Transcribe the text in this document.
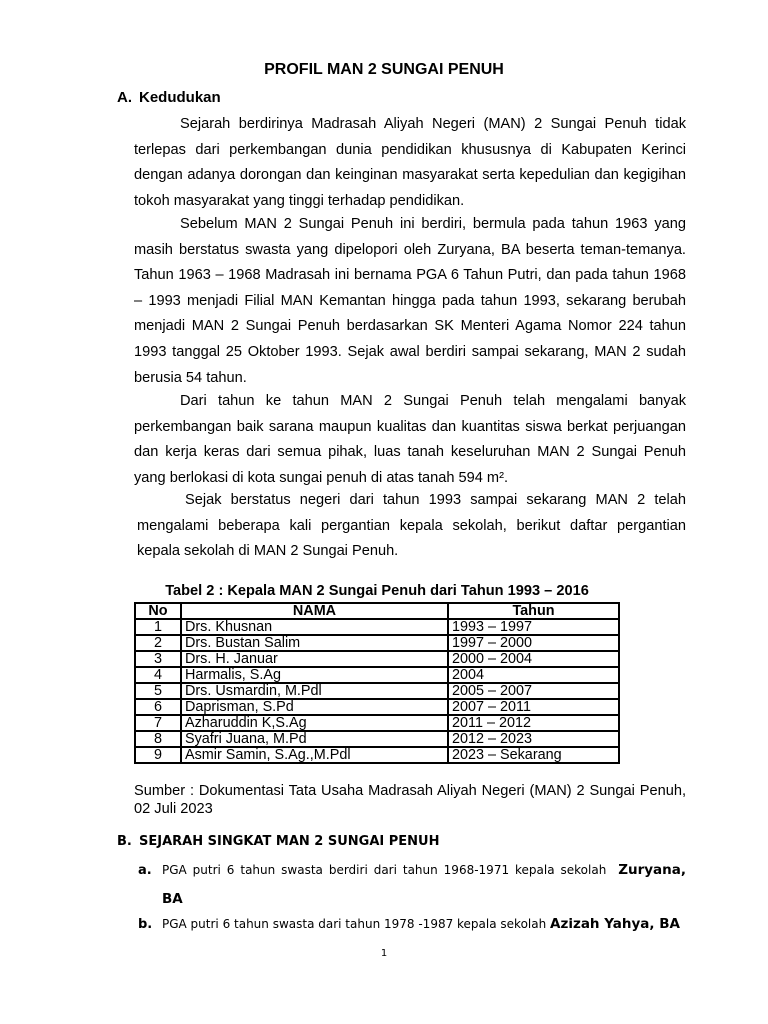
PROFIL MAN 2 SUNGAI PENUH
A. Kedudukan

Sejarah berdirinya Madrasah Aliyah Negeri (MAN) 2 Sungai Penuh tidak terlepas dari perkembangan dunia pendidikan khususnya di Kabupaten Kerinci dengan adanya dorongan dan keinginan masyarakat serta kepedulian dan kegigihan tokoh masyarakat yang tinggi terhadap pendidikan.

Sebelum MAN 2 Sungai Penuh ini berdiri, bermula pada tahun 1963 yang masih berstatus swasta yang dipelopori oleh Zuryana, BA beserta teman-temanya. Tahun 1963 – 1968 Madrasah ini bernama PGA 6 Tahun Putri, dan pada tahun 1968 – 1993 menjadi Filial MAN Kemantan hingga pada tahun 1993, sekarang berubah menjadi MAN 2 Sungai Penuh berdasarkan SK Menteri Agama Nomor 224 tahun 1993 tanggal 25 Oktober 1993. Sejak awal berdiri sampai sekarang, MAN 2 sudah berusia 54 tahun.

Dari tahun ke tahun MAN 2 Sungai Penuh telah mengalami banyak perkembangan baik sarana maupun kualitas dan kuantitas siswa berkat perjuangan dan kerja keras dari semua pihak, luas tanah keseluruhan MAN 2 Sungai Penuh yang berlokasi di kota sungai penuh di atas tanah 594 m².

Sejak berstatus negeri dari tahun 1993 sampai sekarang MAN 2 telah mengalami beberapa kali pergantian kepala sekolah, berikut daftar pergantian kepala sekolah di MAN 2 Sungai Penuh.

Tabel 2 : Kepala MAN 2 Sungai Penuh dari Tahun 1993 – 2016
No	NAMA	Tahun
1	Drs. Khusnan	1993 – 1997
2	Drs. Bustan Salim	1997 – 2000
3	Drs. H. Januar	2000 – 2004
4	Harmalis, S.Ag	2004
5	Drs. Usmardin, M.Pdl	2005 – 2007
6	Daprisman, S.Pd	2007 – 2011
7	Azharuddin K,S.Ag	2011 – 2012
8	Syafri Juana, M.Pd	2012 – 2023
9	Asmir Samin, S.Ag.,M.Pdl	2023 – Sekarang

Sumber : Dokumentasi Tata Usaha Madrasah Aliyah Negeri (MAN) 2 Sungai Penuh, 02 Juli 2023

B. SEJARAH SINGKAT MAN 2 SUNGAI PENUH
a. PGA putri 6 tahun swasta berdiri dari tahun 1968-1971 kepala sekolah Zuryana, BA
b. PGA putri 6 tahun swasta dari tahun 1978 -1987 kepala sekolah Azizah Yahya, BA
1
